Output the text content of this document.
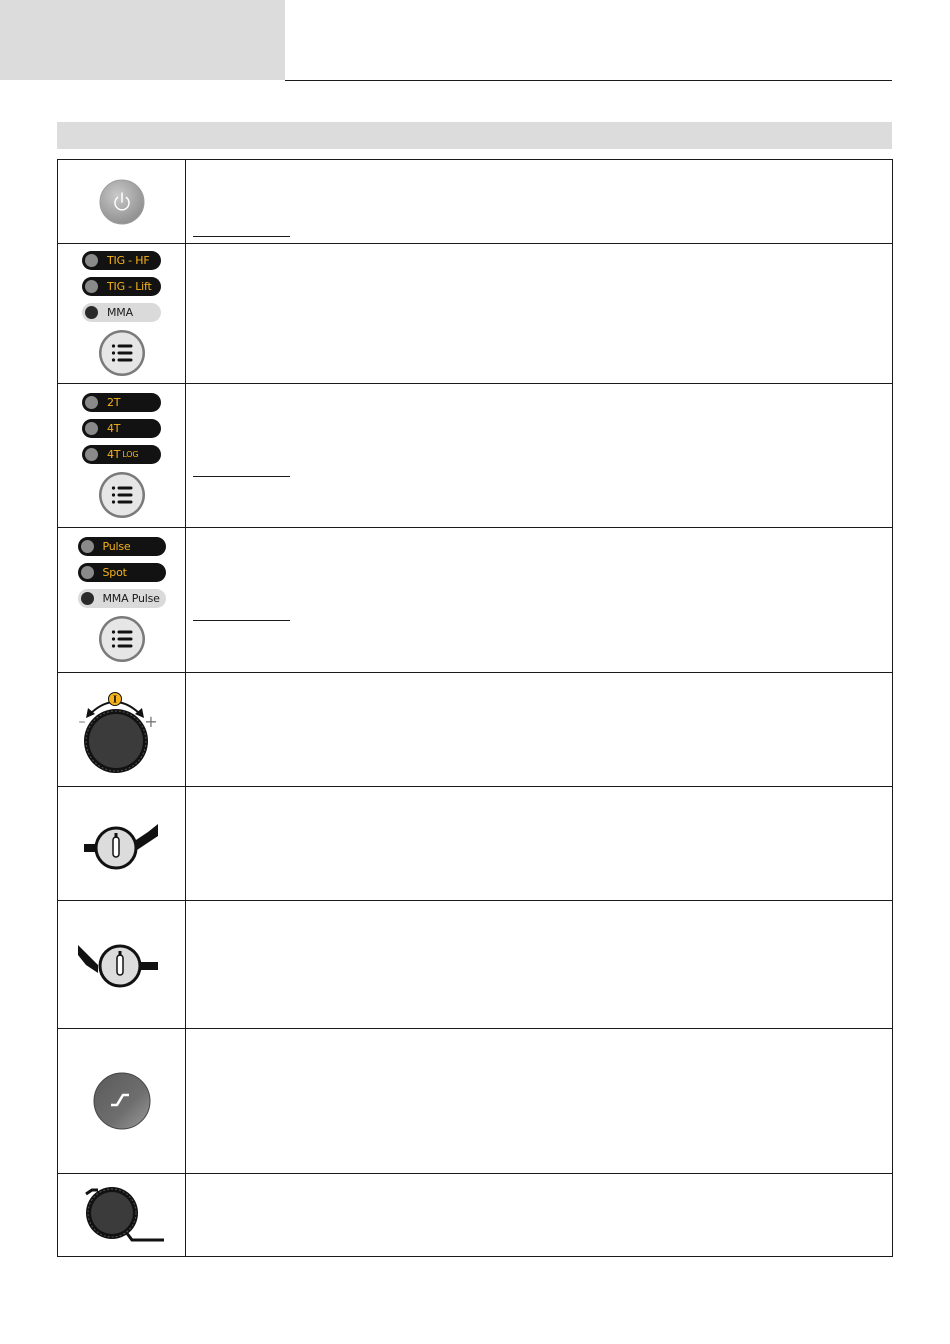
TIG - HF
TIG - Lift
MMA	

2T
4T
4T LOG	

Pulse
Spot
MMA Pulse	

I
– +	
